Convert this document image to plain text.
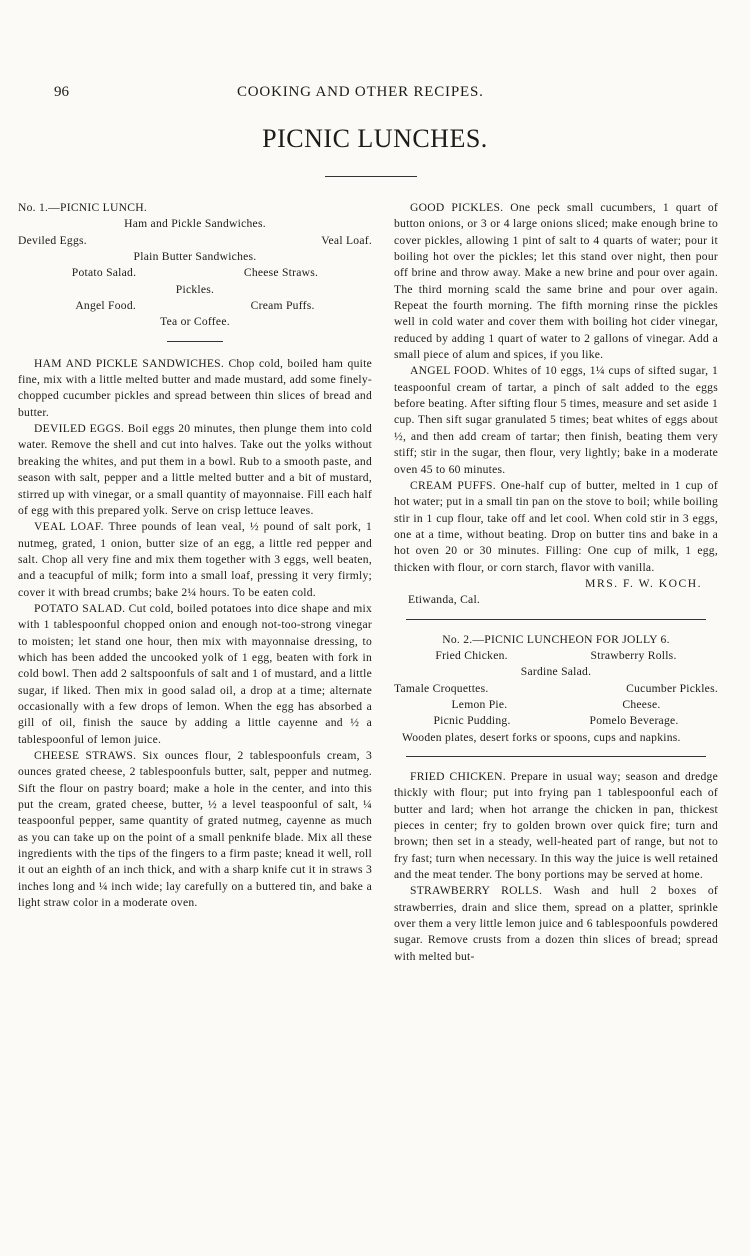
96	COOKING AND OTHER RECIPES.
PICNIC LUNCHES.

No. 1.—PICNIC LUNCH.

Ham and Pickle Sandwiches.

Deviled Eggs.	Veal Loaf.

Plain Butter Sandwiches.

Potato Salad.	Cheese Straws.

Pickles.

Angel Food.	Cream Puffs.

Tea or Coffee.

HAM AND PICKLE SANDWICHES. Chop cold, boiled ham quite fine, mix with a little melted butter and made mustard, add some finely-chopped cucumber pickles and spread between thin slices of bread and butter.

DEVILED EGGS. Boil eggs 20 minutes, then plunge them into cold water. Remove the shell and cut into halves. Take out the yolks without breaking the whites, and put them in a bowl. Rub to a smooth paste, and season with salt, pepper and a little melted butter and a bit of mustard, stirred up with vinegar, or a small quantity of mayonnaise. Fill each half of egg with this prepared yolk. Serve on crisp lettuce leaves.

VEAL LOAF. Three pounds of lean veal, ½ pound of salt pork, 1 nutmeg, grated, 1 onion, butter size of an egg, a little red pepper and salt. Chop all very fine and mix them together with 3 eggs, well beaten, and a teacupful of milk; form into a small loaf, pressing it very firmly; cover it with bread crumbs; bake 2¼ hours. To be eaten cold.

POTATO SALAD. Cut cold, boiled potatoes into dice shape and mix with 1 tablespoonful chopped onion and enough not-too-strong vinegar to moisten; let stand one hour, then mix with mayonnaise dressing, to which has been added the uncooked yolk of 1 egg, beaten with fork in cold bowl. Then add 2 saltspoonfuls of salt and 1 of mustard, and a little sugar, if liked. Then mix in good salad oil, a drop at a time; alternate occasionally with a few drops of lemon. When the egg has absorbed a gill of oil, finish the sauce by adding a little cayenne and ½ a tablespoonful of lemon juice.

CHEESE STRAWS. Six ounces flour, 2 tablespoonfuls cream, 3 ounces grated cheese, 2 tablespoonfuls butter, salt, pepper and nutmeg. Sift the flour on pastry board; make a hole in the center, and into this put the cream, grated cheese, butter, ½ a level teaspoonful of salt, ¼ teaspoonful pepper, same quantity of grated nutmeg, cayenne as much as you can take up on the point of a small penknife blade. Mix all these ingredients with the tips of the fingers to a firm paste; knead it well, roll it out an eighth of an inch thick, and with a sharp knife cut it in straws 3 inches long and ¼ inch wide; lay carefully on a buttered tin, and bake a light straw color in a moderate oven.

GOOD PICKLES. One peck small cucumbers, 1 quart of button onions, or 3 or 4 large onions sliced; make enough brine to cover pickles, allowing 1 pint of salt to 4 quarts of water; pour it boiling hot over the pickles; let this stand over night, then pour off brine and throw away. Make a new brine and pour over again. The third morning scald the same brine and pour over again. Repeat the fourth morning. The fifth morning rinse the pickles well in cold water and cover them with boiling hot cider vinegar, reduced by adding 1 quart of water to 2 gallons of vinegar. Add a small piece of alum and spices, if you like.

ANGEL FOOD. Whites of 10 eggs, 1¼ cups of sifted sugar, 1 teaspoonful cream of tartar, a pinch of salt added to the eggs before beating. After sifting flour 5 times, measure and set aside 1 cup. Then sift sugar granulated 5 times; beat whites of eggs about ½, and then add cream of tartar; then finish, beating them very stiff; stir in the sugar, then flour, very lightly; bake in a moderate oven 45 to 60 minutes.

CREAM PUFFS. One-half cup of butter, melted in 1 cup of hot water; put in a small tin pan on the stove to boil; while boiling stir in 1 cup flour, take off and let cool. When cold stir in 3 eggs, one at a time, without beating. Drop on butter tins and bake in a hot oven 20 or 30 minutes. Filling: One cup of milk, 1 egg, thicken with flour, or corn starch, flavor with vanilla.

MRS. F. W. KOCH.

Etiwanda, Cal.

No. 2.—PICNIC LUNCHEON FOR JOLLY 6.

Fried Chicken.	Strawberry Rolls.

Sardine Salad.

Tamale Croquettes.	Cucumber Pickles.

Lemon Pie.	Cheese.

Picnic Pudding.	Pomelo Beverage.

Wooden plates, desert forks or spoons, cups and napkins.

FRIED CHICKEN. Prepare in usual way; season and dredge thickly with flour; put into frying pan 1 tablespoonful each of butter and lard; when hot arrange the chicken in pan, thickest pieces in center; fry to golden brown over quick fire; turn and brown; then set in a steady, well-heated part of range, but not to fry fast; turn when necessary. In this way the juice is well retained and the meat tender. The bony portions may be served at home.

STRAWBERRY ROLLS. Wash and hull 2 boxes of strawberries, drain and slice them, spread on a platter, sprinkle over them a very little lemon juice and 6 tablespoonfuls powdered sugar. Remove crusts from a dozen thin slices of bread; spread with melted but-
